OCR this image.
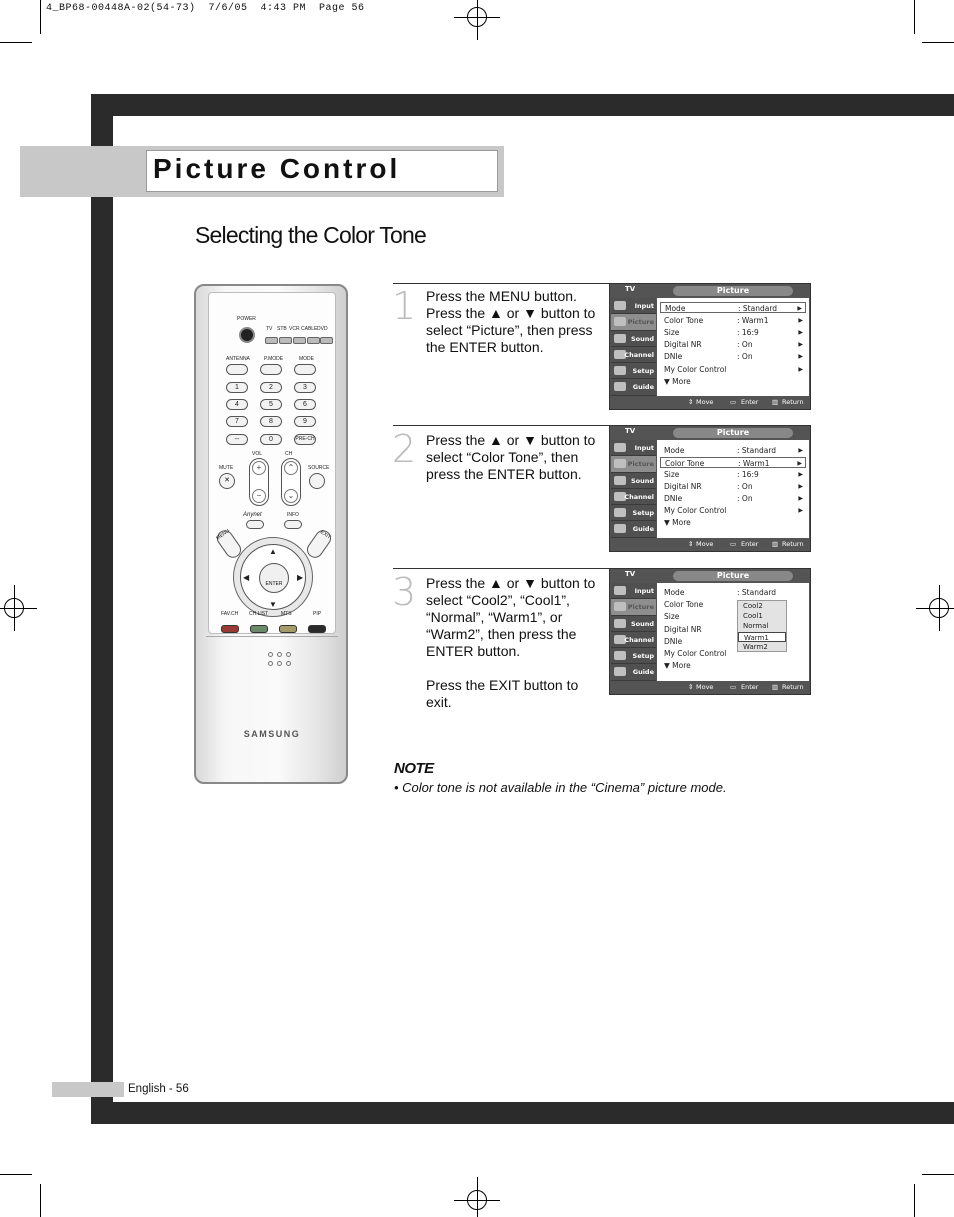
4_BP68-00448A-02(54-73)  7/6/05  4:43 PM  Page 56
Picture Control
Selecting the Color Tone
POWER
TV STB VCR CABLE DVD
ANTENNA	P.MODE	MODE
1	2	3
4	5	6
7	8	9
--	0	PRE-CH
VOL	CH
MUTE	SOURCE
✕
+
−
⌃
⌄
Anynet	INFO
MENU	EXIT
▲
▼
◀	▶
ENTER
FAV.CH CH.LIST	MTS	PIP
SAMSUNG
1 Press the MENU button. Press the ▲ or ▼ button to select “Picture”, then press the ENTER button.

2 Press the ▲ or ▼ button to select “Color Tone”, then press the ENTER button.

3 Press the ▲ or ▼ button to select “Cool2”, “Cool1”, “Normal”, “Warm1”, or “Warm2”, then press the ENTER button.

Press the EXIT button to exit.

TV	Picture
Input
Picture
Sound
Channel
Setup
Guide
Mode	: Standard	▶
Color Tone	: Warm1	▶
Size	: 16:9	▶
Digital NR	: On	▶
DNIe	: On	▶
My Color Control	▶
▼ More
⇕ Move	▭ Enter ▥ Return
TV	Picture
Input
Picture
Sound
Channel
Setup
Guide
Mode	: Standard	▶
Color Tone	: Warm1	▶
Size	: 16:9	▶
Digital NR	: On	▶
DNIe	: On	▶
My Color Control	▶
▼ More
⇕ Move	▭ Enter ▥ Return
TV	Picture
Input
Picture
Sound
Channel
Setup
Guide
Mode	: Standard
Color Tone
Size
Digital NR
DNIe
My Color Control
▼ More
Cool2
Cool1
Normal
Warm1
Warm2
⇕ Move	▭ Enter ▥ Return
NOTE
• Color tone is not available in the “Cinema” picture mode.
English - 56
